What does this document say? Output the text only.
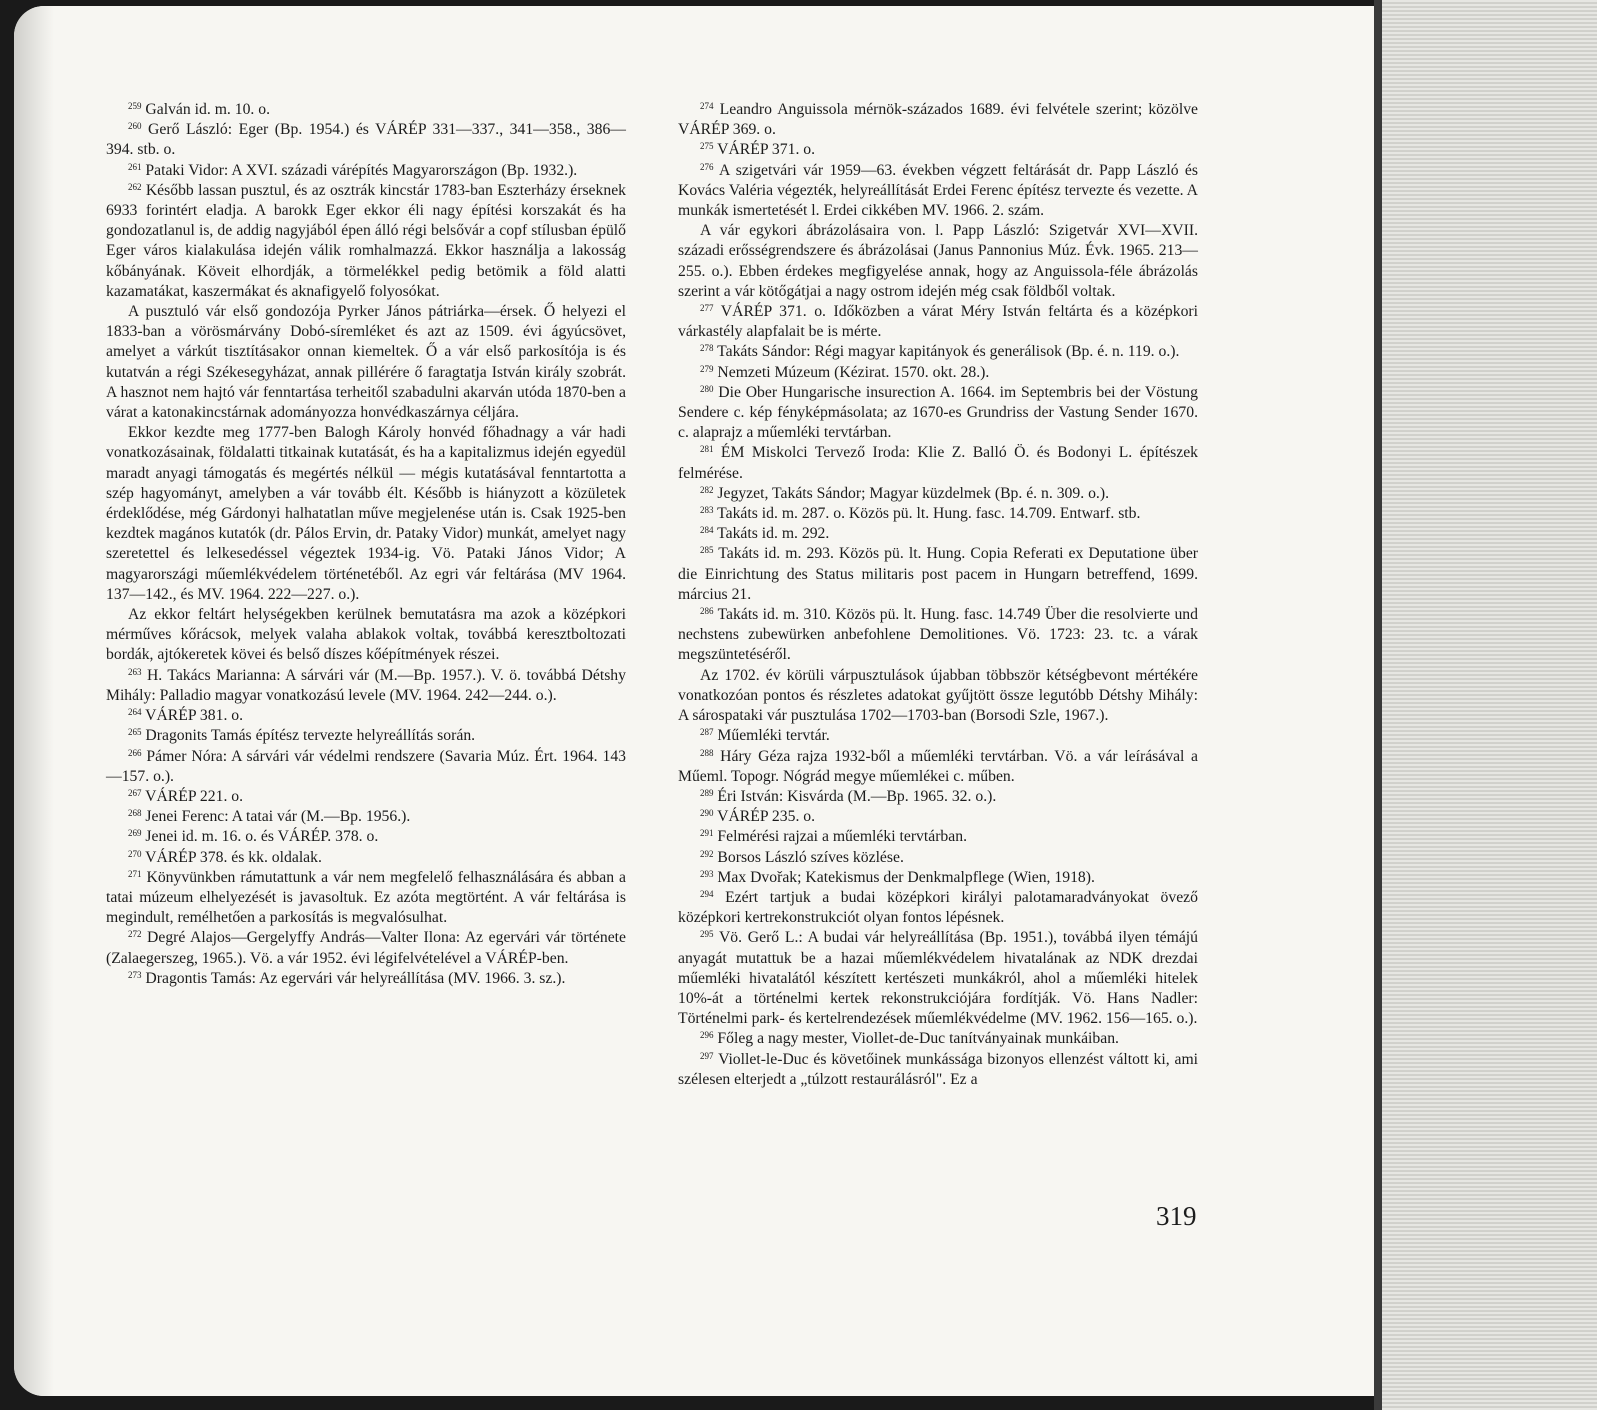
$^{259}$ Galván id. m. 10. o.

$^{260}$ Gerő László: Eger (Bp. 1954.) és VÁRÉP 331—337., 341—358., 386—394. stb. o.

$^{261}$ Pataki Vidor: A XVI. századi várépítés Magyarországon (Bp. 1932.).

$^{262}$ Később lassan pusztul, és az osztrák kincstár 1783-ban Eszterházy érseknek 6933 forintért eladja. A barokk Eger ekkor éli nagy építési korszakát és ha gondozatlanul is, de addig nagyjából épen álló régi belsővár a copf stílusban épülő Eger város kialakulása idején válik romhalmazzá. Ekkor használja a lakosság kőbányának. Köveit elhordják, a törmelékkel pedig betömik a föld alatti kazamatákat, kaszermákat és aknafigyelő folyosókat.

A pusztuló vár első gondozója Pyrker János pátriárka—érsek. Ő helyezi el 1833-ban a vörösmárvány Dobó-síremléket és azt az 1509. évi ágyúcsövet, amelyet a várkút tisztításakor onnan kiemeltek. Ő a vár első parkosítója is és kutatván a régi Székesegyházat, annak pillérére ő faragtatja István király szobrát. A hasznot nem hajtó vár fenntartása terheitől szabadulni akarván utóda 1870-ben a várat a katonakincstárnak adományozza honvédkaszárnya céljára.

Ekkor kezdte meg 1777-ben Balogh Károly honvéd főhadnagy a vár hadi vonatkozásainak, földalatti titkainak kutatását, és ha a kapitalizmus idején egyedül maradt anyagi támogatás és megértés nélkül — mégis kutatásával fenntartotta a szép hagyományt, amelyben a vár tovább élt. Később is hiányzott a közületek érdeklődése, még Gárdonyi halhatatlan műve megjelenése után is. Csak 1925-ben kezdtek magános kutatók (dr. Pálos Ervin, dr. Pataky Vidor) munkát, amelyet nagy szeretettel és lelkesedéssel végeztek 1934-ig. Vö. Pataki János Vidor; A magyarországi műemlékvédelem történetéből. Az egri vár feltárása (MV 1964. 137—142., és MV. 1964. 222—227. o.).

Az ekkor feltárt helységekben kerülnek bemutatásra ma azok a középkori mérműves kőrácsok, melyek valaha ablakok voltak, továbbá keresztboltozati bordák, ajtókeretek kövei és belső díszes kőépítmények részei.

$^{263}$ H. Takács Marianna: A sárvári vár (M.—Bp. 1957.). V. ö. továbbá Détshy Mihály: Palladio magyar vonatkozású levele (MV. 1964. 242—244. o.).

$^{264}$ VÁRÉP 381. o.

$^{265}$ Dragonits Tamás építész tervezte helyreállítás során.

$^{266}$ Pámer Nóra: A sárvári vár védelmi rendszere (Savaria Múz. Ért. 1964. 143—157. o.).

$^{267}$ VÁRÉP 221. o.

$^{268}$ Jenei Ferenc: A tatai vár (M.—Bp. 1956.).

$^{269}$ Jenei id. m. 16. o. és VÁRÉP. 378. o.

$^{270}$ VÁRÉP 378. és kk. oldalak.

$^{271}$ Könyvünkben rámutattunk a vár nem megfelelő felhasználására és abban a tatai múzeum elhelyezését is javasoltuk. Ez azóta megtörtént. A vár feltárása is megindult, remélhetően a parkosítás is megvalósulhat.

$^{272}$ Degré Alajos—Gergelyffy András—Valter Ilona: Az egervári vár története (Zalaegerszeg, 1965.). Vö. a vár 1952. évi légifelvételével a VÁRÉP-ben.

$^{273}$ Dragontis Tamás: Az egervári vár helyreállítása (MV. 1966. 3. sz.).

$^{274}$ Leandro Anguissola mérnök-százados 1689. évi felvétele szerint; közölve VÁRÉP 369. o.

$^{275}$ VÁRÉP 371. o.

$^{276}$ A szigetvári vár 1959—63. években végzett feltárását dr. Papp László és Kovács Valéria végezték, helyreállítását Erdei Ferenc építész tervezte és vezette. A munkák ismertetését l. Erdei cikkében MV. 1966. 2. szám.

A vár egykori ábrázolásaira von. l. Papp László: Szigetvár XVI—XVII. századi erősségrendszere és ábrázolásai (Janus Pannonius Múz. Évk. 1965. 213—255. o.). Ebben érdekes megfigyelése annak, hogy az Anguissola-féle ábrázolás szerint a vár kötőgátjai a nagy ostrom idején még csak földből voltak.

$^{277}$ VÁRÉP 371. o. Időközben a várat Méry István feltárta és a középkori várkastély alapfalait be is mérte.

$^{278}$ Takáts Sándor: Régi magyar kapitányok és generálisok (Bp. é. n. 119. o.).

$^{279}$ Nemzeti Múzeum (Kézirat. 1570. okt. 28.).

$^{280}$ Die Ober Hungarische insurection A. 1664. im Septembris bei der Vöstung Sendere c. kép fényképmásolata; az 1670-es Grundriss der Vastung Sender 1670. c. alaprajz a műemléki tervtárban.

$^{281}$ ÉM Miskolci Tervező Iroda: Klie Z. Balló Ö. és Bodonyi L. építészek felmérése.

$^{282}$ Jegyzet, Takáts Sándor; Magyar küzdelmek (Bp. é. n. 309. o.).

$^{283}$ Takáts id. m. 287. o. Közös pü. lt. Hung. fasc. 14.709. Entwarf. stb.

$^{284}$ Takáts id. m. 292.

$^{285}$ Takáts id. m. 293. Közös pü. lt. Hung. Copia Referati ex Deputatione über die Einrichtung des Status militaris post pacem in Hungarn betreffend, 1699. március 21.

$^{286}$ Takáts id. m. 310. Közös pü. lt. Hung. fasc. 14.749 Über die resolvierte und nechstens zubewürken anbefohlene Demolitiones. Vö. 1723: 23. tc. a várak megszüntetéséről.

Az 1702. év körüli várpusztulások újabban többször kétségbevont mértékére vonatkozóan pontos és részletes adatokat gyűjtött össze legutóbb Détshy Mihály: A sárospataki vár pusztulása 1702—1703-ban (Borsodi Szle, 1967.).

$^{287}$ Műemléki tervtár.

$^{288}$ Háry Géza rajza 1932-ből a műemléki tervtárban. Vö. a vár leírásával a Műeml. Topogr. Nógrád megye műemlékei c. műben.

$^{289}$ Éri István: Kisvárda (M.—Bp. 1965. 32. o.).

$^{290}$ VÁRÉP 235. o.

$^{291}$ Felmérési rajzai a műemléki tervtárban.

$^{292}$ Borsos László szíves közlése.

$^{293}$ Max Dvořak; Katekismus der Denkmalpflege (Wien, 1918).

$^{294}$ Ezért tartjuk a budai középkori királyi palotamaradványokat övező középkori kertrekonstrukciót olyan fontos lépésnek.

$^{295}$ Vö. Gerő L.: A budai vár helyreállítása (Bp. 1951.), továbbá ilyen témájú anyagát mutattuk be a hazai műemlékvédelem hivatalának az NDK drezdai műemléki hivatalától készített kertészeti munkákról, ahol a műemléki hitelek 10%-át a történelmi kertek rekonstrukciójára fordítják. Vö. Hans Nadler: Történelmi park- és kertelrendezések műemlékvédelme (MV. 1962. 156—165. o.).

$^{296}$ Főleg a nagy mester, Viollet-de-Duc tanítványainak munkáiban.

$^{297}$ Viollet-le-Duc és követőinek munkássága bizonyos ellenzést váltott ki, ami szélesen elterjedt a „túlzott restaurálásról". Ez a

319
